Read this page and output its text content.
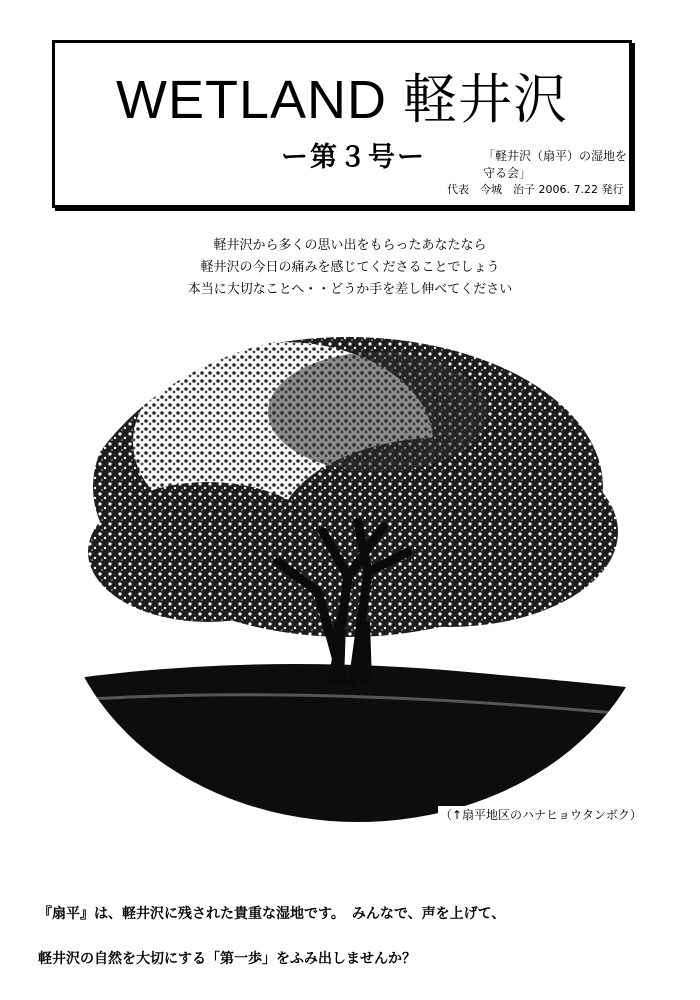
WETLAND 軽井沢
ー第３号ー	「軽井沢（扇平）の湿地を守る会」
代表　今城　治子 2006. 7.22 発行
軽井沢から多くの思い出をもらったあなたなら
軽井沢の今日の痛みを感じてくださることでしょう
本当に大切なことへ・・どうか手を差し伸べてください
（↑扇平地区のハナヒョウタンボク）
『扇平』は、軽井沢に残された貴重な湿地です。　みんなで、声を上げて、
軽井沢の自然を大切にする「第一歩」をふみ出しませんか？
